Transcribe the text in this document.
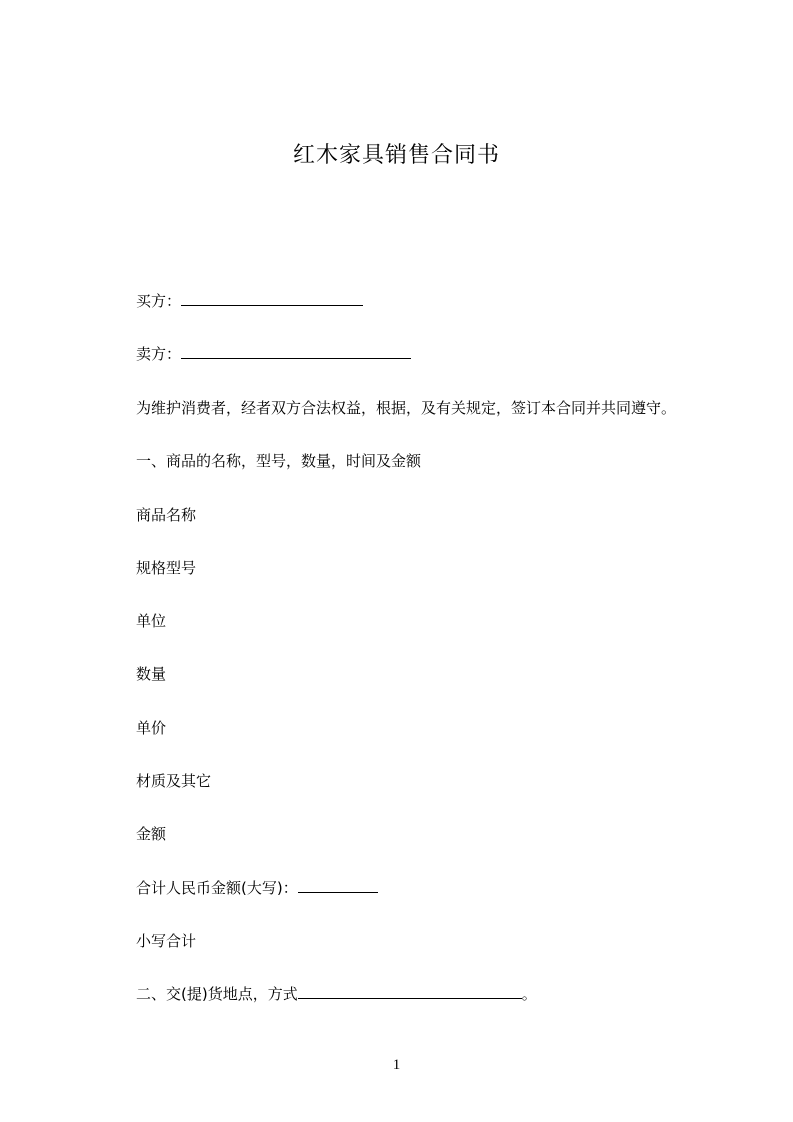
红木家具销售合同书
买方：
卖方：
为维护消费者，经者双方合法权益，根据，及有关规定，签订本合同并共同遵守。
一、商品的名称，型号，数量，时间及金额
商品名称
规格型号
单位
数量
单价
材质及其它
金额
合计人民币金额(大写)：
小写合计
二、交(提)货地点，方式	。
1
